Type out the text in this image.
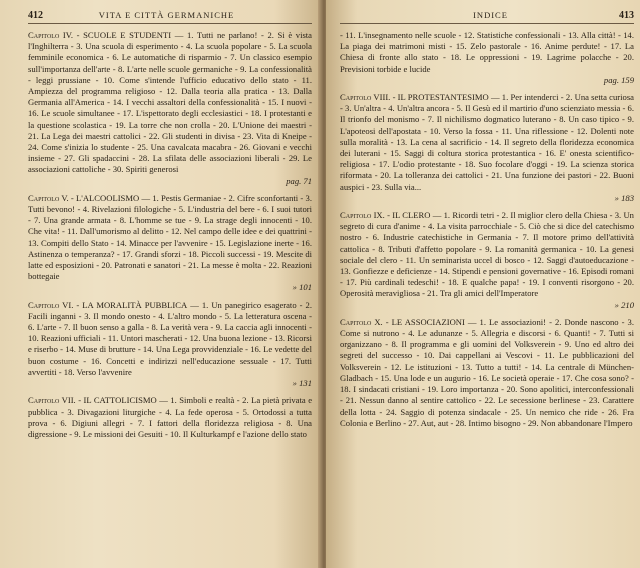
412	VITA E CITTÀ GERMANICHE
Capitolo IV. - SCUOLE E STUDENTI — 1. Tutti ne parlano! - 2. Si è vista l'Inghilterra - 3. Una scuola di esperimento - 4. La scuola popolare - 5. La scuola femminile economica - 6. Le automatiche di risparmio - 7. Un classico esempio sull'importanza dell'arte - 8. L'arte nelle scuole germaniche - 9. La confessionalità - leggi prussiane - 10. Come s'intende l'ufficio educativo dello stato - 11. Ampiezza del programma religioso - 12. Dalla teoria alla pratica - 13. Dalla Germania all'America - 14. I vecchi assaltori della confessionalità - 15. I nuovi - 16. Le scuole simultanee - 17. L'ispettorato degli ecclesiastici - 18. I protestanti e la questione scolastica - 19. La torre che non crolla - 20. L'Unione dei maestri - 21. La Lega dei maestri cattolici - 22. Gli studenti in divisa - 23. Vita di Kneipe - 24. Come s'inizia lo studente - 25. Una cavalcata macabra - 26. Giovani e vecchi insieme - 27. Gli spadaccini - 28. La sfilata delle associazioni liberali - 29. Le associazioni cattoliche - 30. Spiriti generosi
pag. 71
Capitolo V. - L'ALCOOLISMO — 1. Pestis Germaniae - 2. Cifre sconfortanti - 3. Tutti bevono! - 4. Rivelazioni filologiche - 5. L'industria del bere - 6. I suoi tutori - 7. Una grande armata - 8. L'homme se tue - 9. La strage degli innocenti - 10. Che vita! - 11. Dall'umorismo al delitto - 12. Nel campo delle idee e dei quattrini - 13. Compiti dello Stato - 14. Minacce per l'avvenire - 15. Legislazione inerte - 16. Astinenza o temperanza? - 17. Grandi sforzi - 18. Piccoli successi - 19. Mescite di latte ed esposizioni - 20. Patronati e sanatori - 21. La messe è molta - 22. Reazioni bottegaie
» 101
Capitolo VI. - LA MORALITÀ PUBBLICA — 1. Un panegirico esagerato - 2. Facili inganni - 3. Il mondo onesto - 4. L'altro mondo - 5. La letteratura oscena - 6. L'arte - 7. Il buon senso a galla - 8. La verità vera - 9. La caccia agli innocenti - 10. Reazioni ufficiali - 11. Untori mascherati - 12. Una buona lezione - 13. Ricorsi e riserbo - 14. Muse di brutture - 14. Una Lega provvidenziale - 16. Le vedette del buon costume - 16. Concetti e indirizzi nell'educazione sessuale - 17. Tutti avvertiti - 18. Verso l'avvenire
» 131
Capitolo VII. - IL CATTOLICISMO — 1. Simboli e realtà - 2. La pietà privata e pubblica - 3. Divagazioni liturgiche - 4. La fede operosa - 5. Ortodossi a tutta prova - 6. Digiuni allegri - 7. I fattori della floridezza religiosa - 8. Una digressione - 9. Le missioni dei Gesuiti - 10. Il Kulturkampf e l'azione dello stato
INDICE	413
- 11. L'insegnamento nelle scuole - 12. Statistiche confessionali - 13. Alla città! - 14. La piaga dei matrimoni misti - 15. Zelo pastorale - 16. Anime perdute! - 17. La Chiesa di fronte allo stato - 18. Le oppressioni - 19. Lagrime polacche - 20. Previsioni torbide e lucide
pag. 159
Capitolo VIII. - IL PROTESTANTESIMO — 1. Per intenderci - 2. Una setta curiosa - 3. Un'altra - 4. Un'altra ancora - 5. Il Gesù ed il martirio d'uno scienziato messia - 6. Il trionfo del monismo - 7. Il nichilismo dogmatico luterano - 8. Un caso tipico - 9. L'apoteosi dell'apostata - 10. Verso la fossa - 11. Una riflessione - 12. Dolenti note sulla moralità - 13. La cena al sacrificio - 14. Il segreto della floridezza economica dei luterani - 15. Saggi di coltura storica protestantica - 16. E' onesta scientifico-religiosa - 17. L'odio protestante - 18. Suo focolare d'oggi - 19. La scienza storica riformata - 20. La tolleranza dei cattolici - 21. Una funzione dei pastori - 22. Buoni auspici - 23. Sulla via...
» 183
Capitolo IX. - IL CLERO — 1. Ricordi tetri - 2. Il miglior clero della Chiesa - 3. Un segreto di cura d'anime - 4. La visita parrocchiale - 5. Ciò che si dice del catechismo nostro - 6. Industrie catechistiche in Germania - 7. Il motore primo dell'attività cattolica - 8. Tributi d'affetto popolare - 9. La romanità germanica - 10. La genesi sociale del clero - 11. Un seminarista uccel di bosco - 12. Saggi d'autoeducazione - 13. Gonfiezze e deficienze - 14. Stipendi e pensioni governative - 16. Episodi romani - 17. Più cardinali tedeschi! - 18. E qualche papa! - 19. I conventi risorgono - 20. Operosità meravigliosa - 21. Tra gli amici dell'Imperatore
» 210
Capitolo X. - LE ASSOCIAZIONI — 1. Le associazioni! - 2. Donde nascono - 3. Come si nutrono - 4. Le adunanze - 5. Allegria e discorsi - 6. Quanti! - 7. Tutti si organizzano - 8. Il programma e gli uomini del Volksverein - 9. Uno ed altro dei segreti del successo - 10. Dai cappellani ai Vescovi - 11. Le pubblicazioni del Volksverein - 12. Le istituzioni - 13. Tutto a tutti! - 14. La centrale di München-Gladbach - 15. Una lode e un augurio - 16. Le società operaie - 17. Che cosa sono? - 18. I sindacati cristiani - 19. Loro importanza - 20. Sono apolitici, interconfessionali - 21. Nessun danno al sentire cattolico - 22. Le secessione berlinese - 23. Carattere della lotta - 24. Saggio di potenza sindacale - 25. Un nemico che ride - 26. Fra Colonia e Berlino - 27. Aut, aut - 28. Intimo bisogno - 29. Non abbandonare l'Impero
